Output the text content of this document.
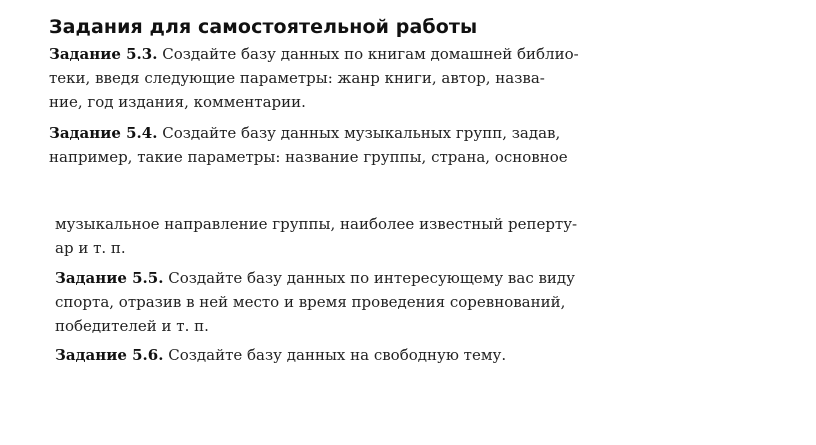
Задания для самостоятельной работы
Задание 5.3. Создайте базу данных по книгам домашней библио-
теки, введя следующие параметры: жанр книги, автор, назва-
ние, год издания, комментарии.
Задание 5.4. Создайте базу данных музыкальных групп, задав,
например, такие параметры: название группы, страна, основное
музыкальное направление группы, наиболее известный реперту-
ар и т. п.
Задание 5.5. Создайте базу данных по интересующему вас виду
спорта, отразив в ней место и время проведения соревнований,
победителей и т. п.
Задание 5.6. Создайте базу данных на свободную тему.
